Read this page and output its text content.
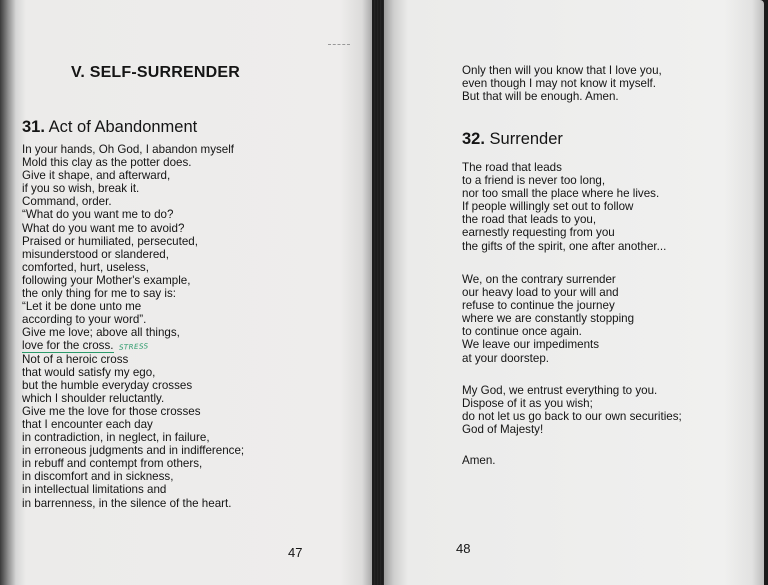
V. SELF-SURRENDER
31. Act of Abandonment
In your hands, Oh God, I abandon myself
Mold this clay as the potter does.
Give it shape, and afterward,
if you so wish, break it.
Command, order.
“What do you want me to do?
What do you want me to avoid?
Praised or humiliated, persecuted,
misunderstood or slandered,
comforted, hurt, useless,
following your Mother's example,
the only thing for me to say is:
“Let it be done unto me
according to your word”.
Give me love; above all things,
love for the cross. STRESS
Not of a heroic cross
that would satisfy my ego,
but the humble everyday crosses
which I shoulder reluctantly.
Give me the love for those crosses
that I encounter each day
in contradiction, in neglect, in failure,
in erroneous judgments and in indifference;
in rebuff and contempt from others,
in discomfort and in sickness,
in intellectual limitations and
in barrenness, in the silence of the heart.
47
Only then will you know that I love you,
even though I may not know it myself.
But that will be enough. Amen.
32. Surrender
The road that leads
to a friend is never too long,
nor too small the place where he lives.
If people willingly set out to follow
the road that leads to you,
earnestly requesting from you
the gifts of the spirit, one after another...
We, on the contrary surrender
our heavy load to your will and
refuse to continue the journey
where we are constantly stopping
to continue once again.
We leave our impediments
at your doorstep.
My God, we entrust everything to you.
Dispose of it as you wish;
do not let us go back to our own securities;
God of Majesty!
Amen.
48
